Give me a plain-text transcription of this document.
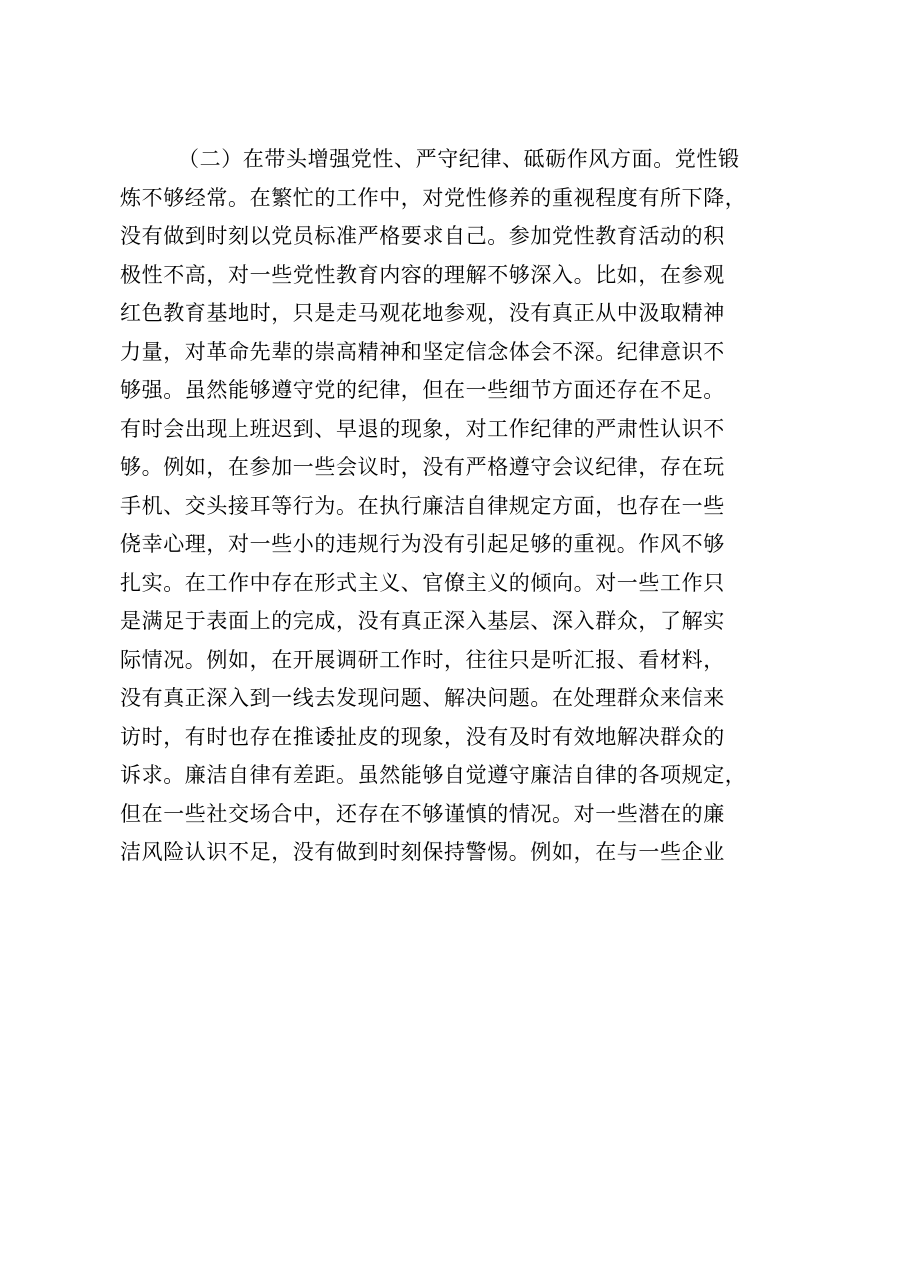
（二）在带头增强党性、严守纪律、砥砺作风方面。党性锻
炼不够经常。在繁忙的工作中，对党性修养的重视程度有所下降，
没有做到时刻以党员标准严格要求自己。参加党性教育活动的积
极性不高，对一些党性教育内容的理解不够深入。比如，在参观
红色教育基地时，只是走马观花地参观，没有真正从中汲取精神
力量，对革命先辈的崇高精神和坚定信念体会不深。纪律意识不
够强。虽然能够遵守党的纪律，但在一些细节方面还存在不足。
有时会出现上班迟到、早退的现象，对工作纪律的严肃性认识不
够。例如，在参加一些会议时，没有严格遵守会议纪律，存在玩
手机、交头接耳等行为。在执行廉洁自律规定方面，也存在一些
侥幸心理，对一些小的违规行为没有引起足够的重视。作风不够
扎实。在工作中存在形式主义、官僚主义的倾向。对一些工作只
是满足于表面上的完成，没有真正深入基层、深入群众，了解实
际情况。例如，在开展调研工作时，往往只是听汇报、看材料，
没有真正深入到一线去发现问题、解决问题。在处理群众来信来
访时，有时也存在推诿扯皮的现象，没有及时有效地解决群众的
诉求。廉洁自律有差距。虽然能够自觉遵守廉洁自律的各项规定，
但在一些社交场合中，还存在不够谨慎的情况。对一些潜在的廉
洁风险认识不足，没有做到时刻保持警惕。例如，在与一些企业
